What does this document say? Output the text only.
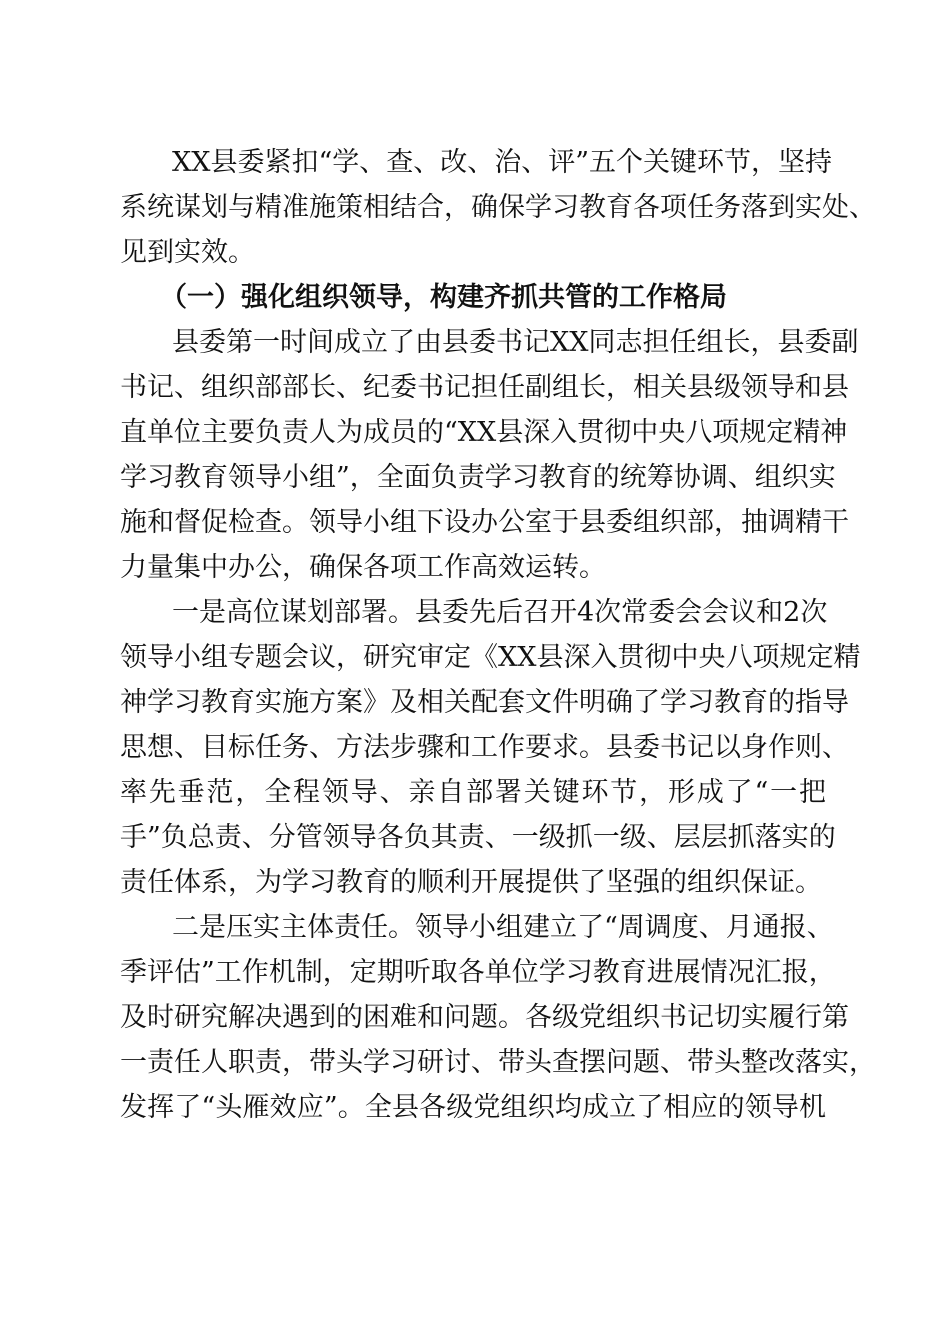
XX县委紧扣“学、查、改、治、评”五个关键环节，坚持
系统谋划与精准施策相结合，确保学习教育各项任务落到实处、
见到实效。
（一）强化组织领导，构建齐抓共管的工作格局
县委第一时间成立了由县委书记XX同志担任组长，县委副
书记、组织部部长、纪委书记担任副组长，相关县级领导和县
直单位主要负责人为成员的“XX县深入贯彻中央八项规定精神
学习教育领导小组”，全面负责学习教育的统筹协调、组织实
施和督促检查。领导小组下设办公室于县委组织部，抽调精干
力量集中办公，确保各项工作高效运转。
一是高位谋划部署。县委先后召开4次常委会会议和2次
领导小组专题会议，研究审定《XX县深入贯彻中央八项规定精
神学习教育实施方案》及相关配套文件明确了学习教育的指导
思想、目标任务、方法步骤和工作要求。县委书记以身作则、
率先垂范，全程领导、亲自部署关键环节，形成了“一把
手”负总责、分管领导各负其责、一级抓一级、层层抓落实的
责任体系，为学习教育的顺利开展提供了坚强的组织保证。
二是压实主体责任。领导小组建立了“周调度、月通报、
季评估”工作机制，定期听取各单位学习教育进展情况汇报，
及时研究解决遇到的困难和问题。各级党组织书记切实履行第
一责任人职责，带头学习研讨、带头查摆问题、带头整改落实，
发挥了“头雁效应”。全县各级党组织均成立了相应的领导机
